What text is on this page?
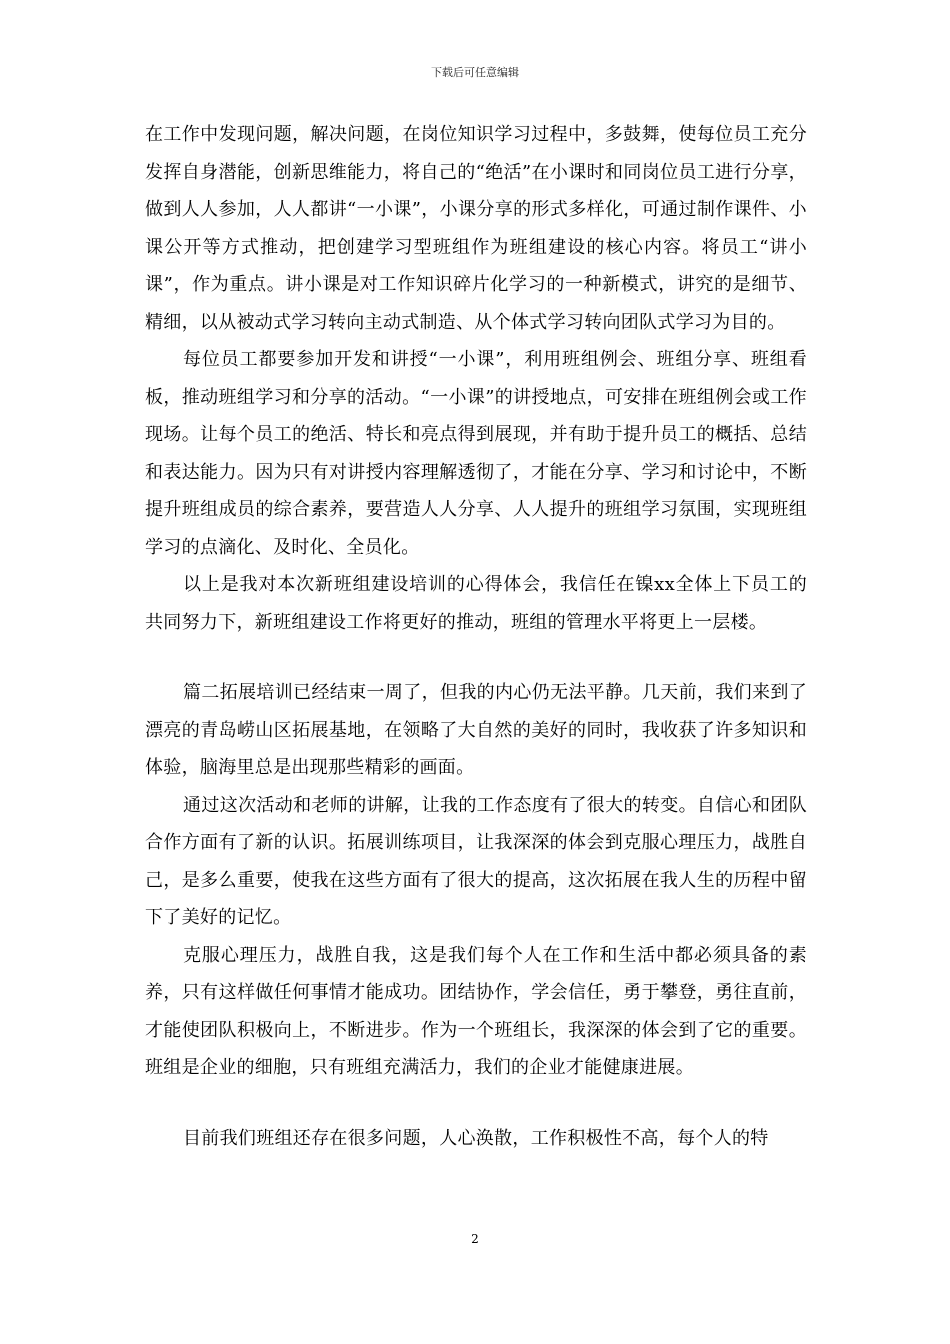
下载后可任意编辑

在工作中发现问题，解决问题，在岗位知识学习过程中，多鼓舞，使每位员工充分发挥自身潜能，创新思维能力，将自己的“绝活”在小课时和同岗位员工进行分享，做到人人参加，人人都讲“一小课”，小课分享的形式多样化，可通过制作课件、小课公开等方式推动，把创建学习型班组作为班组建设的核心内容。将员工“讲小课”，作为重点。讲小课是对工作知识碎片化学习的一种新模式，讲究的是细节、精细，以从被动式学习转向主动式制造、从个体式学习转向团队式学习为目的。

每位员工都要参加开发和讲授“一小课”，利用班组例会、班组分享、班组看板，推动班组学习和分享的活动。“一小课”的讲授地点，可安排在班组例会或工作现场。让每个员工的绝活、特长和亮点得到展现，并有助于提升员工的概括、总结和表达能力。因为只有对讲授内容理解透彻了，才能在分享、学习和讨论中，不断提升班组成员的综合素养，要营造人人分享、人人提升的班组学习氛围，实现班组学习的点滴化、及时化、全员化。

以上是我对本次新班组建设培训的心得体会，我信任在镍xx全体上下员工的共同努力下，新班组建设工作将更好的推动，班组的管理水平将更上一层楼。

篇二拓展培训已经结束一周了，但我的内心仍无法平静。几天前，我们来到了漂亮的青岛崂山区拓展基地，在领略了大自然的美好的同时，我收获了许多知识和体验，脑海里总是出现那些精彩的画面。

通过这次活动和老师的讲解，让我的工作态度有了很大的转变。自信心和团队合作方面有了新的认识。拓展训练项目，让我深深的体会到克服心理压力，战胜自己，是多么重要，使我在这些方面有了很大的提高，这次拓展在我人生的历程中留下了美好的记忆。

克服心理压力，战胜自我，这是我们每个人在工作和生活中都必须具备的素养，只有这样做任何事情才能成功。团结协作，学会信任，勇于攀登，勇往直前，才能使团队积极向上，不断进步。作为一个班组长，我深深的体会到了它的重要。班组是企业的细胞，只有班组充满活力，我们的企业才能健康进展。

目前我们班组还存在很多问题，人心涣散，工作积极性不高，每个人的特

2
